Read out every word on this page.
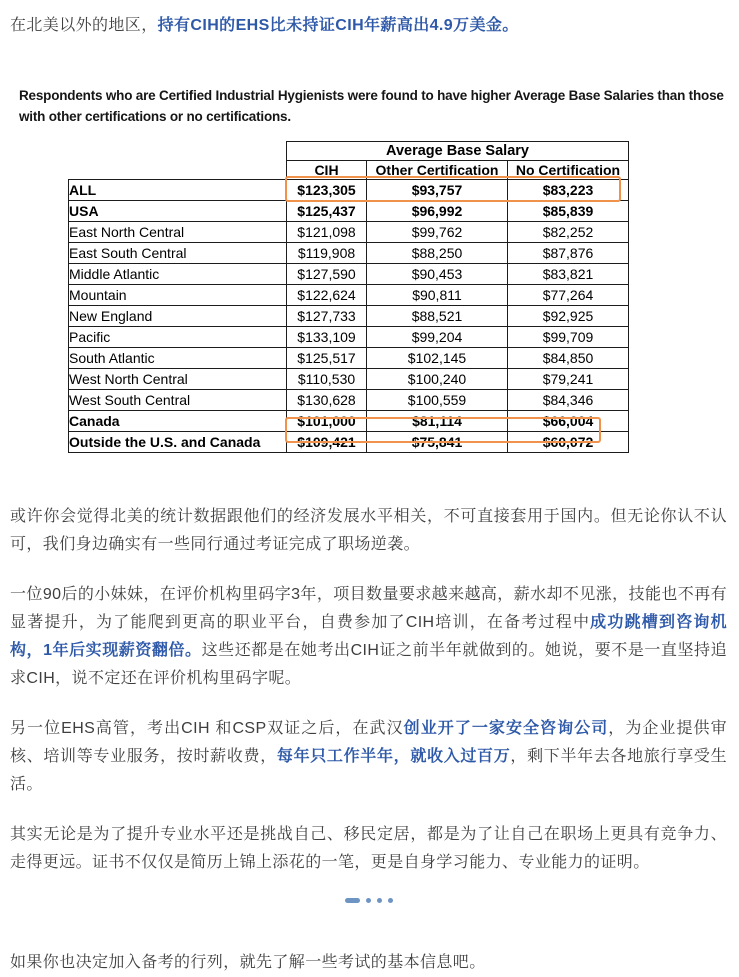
在北美以外的地区，持有CIH的EHS比未持证CIH年薪高出4.9万美金。

Respondents who are Certified Industrial Hygienists were found to have higher Average Base Salaries than those with other certifications or no certifications.
	Average Base Salary		
	CIH	Other Certification	No Certification
ALL	$123,305	$93,757	$83,223
USA	$125,437	$96,992	$85,839
East North Central	$121,098	$99,762	$82,252
East South Central	$119,908	$88,250	$87,876
Middle Atlantic	$127,590	$90,453	$83,821
Mountain	$122,624	$90,811	$77,264
New England	$127,733	$88,521	$92,925
Pacific	$133,109	$99,204	$99,709
South Atlantic	$125,517	$102,145	$84,850
West North Central	$110,530	$100,240	$79,241
West South Central	$130,628	$100,559	$84,346
Canada	$101,000	$81,114	$66,004
Outside the U.S. and Canada	$109,421	$75,841	$60,072

或许你会觉得北美的统计数据跟他们的经济发展水平相关，不可直接套用于国内。但无论你认不认可，我们身边确实有一些同行通过考证完成了职场逆袭。

一位90后的小妹妹，在评价机构里码字3年，项目数量要求越来越高，薪水却不见涨，技能也不再有显著提升，为了能爬到更高的职业平台，自费参加了CIH培训，在备考过程中成功跳槽到咨询机构，1年后实现薪资翻倍。这些还都是在她考出CIH证之前半年就做到的。她说，要不是一直坚持追求CIH，说不定还在评价机构里码字呢。

另一位EHS高管，考出CIH 和CSP双证之后，在武汉创业开了一家安全咨询公司，为企业提供审核、培训等专业服务，按时薪收费，每年只工作半年，就收入过百万，剩下半年去各地旅行享受生活。

其实无论是为了提升专业水平还是挑战自己、移民定居，都是为了让自己在职场上更具有竞争力、走得更远。证书不仅仅是简历上锦上添花的一笔，更是自身学习能力、专业能力的证明。

如果你也决定加入备考的行列，就先了解一些考试的基本信息吧。
